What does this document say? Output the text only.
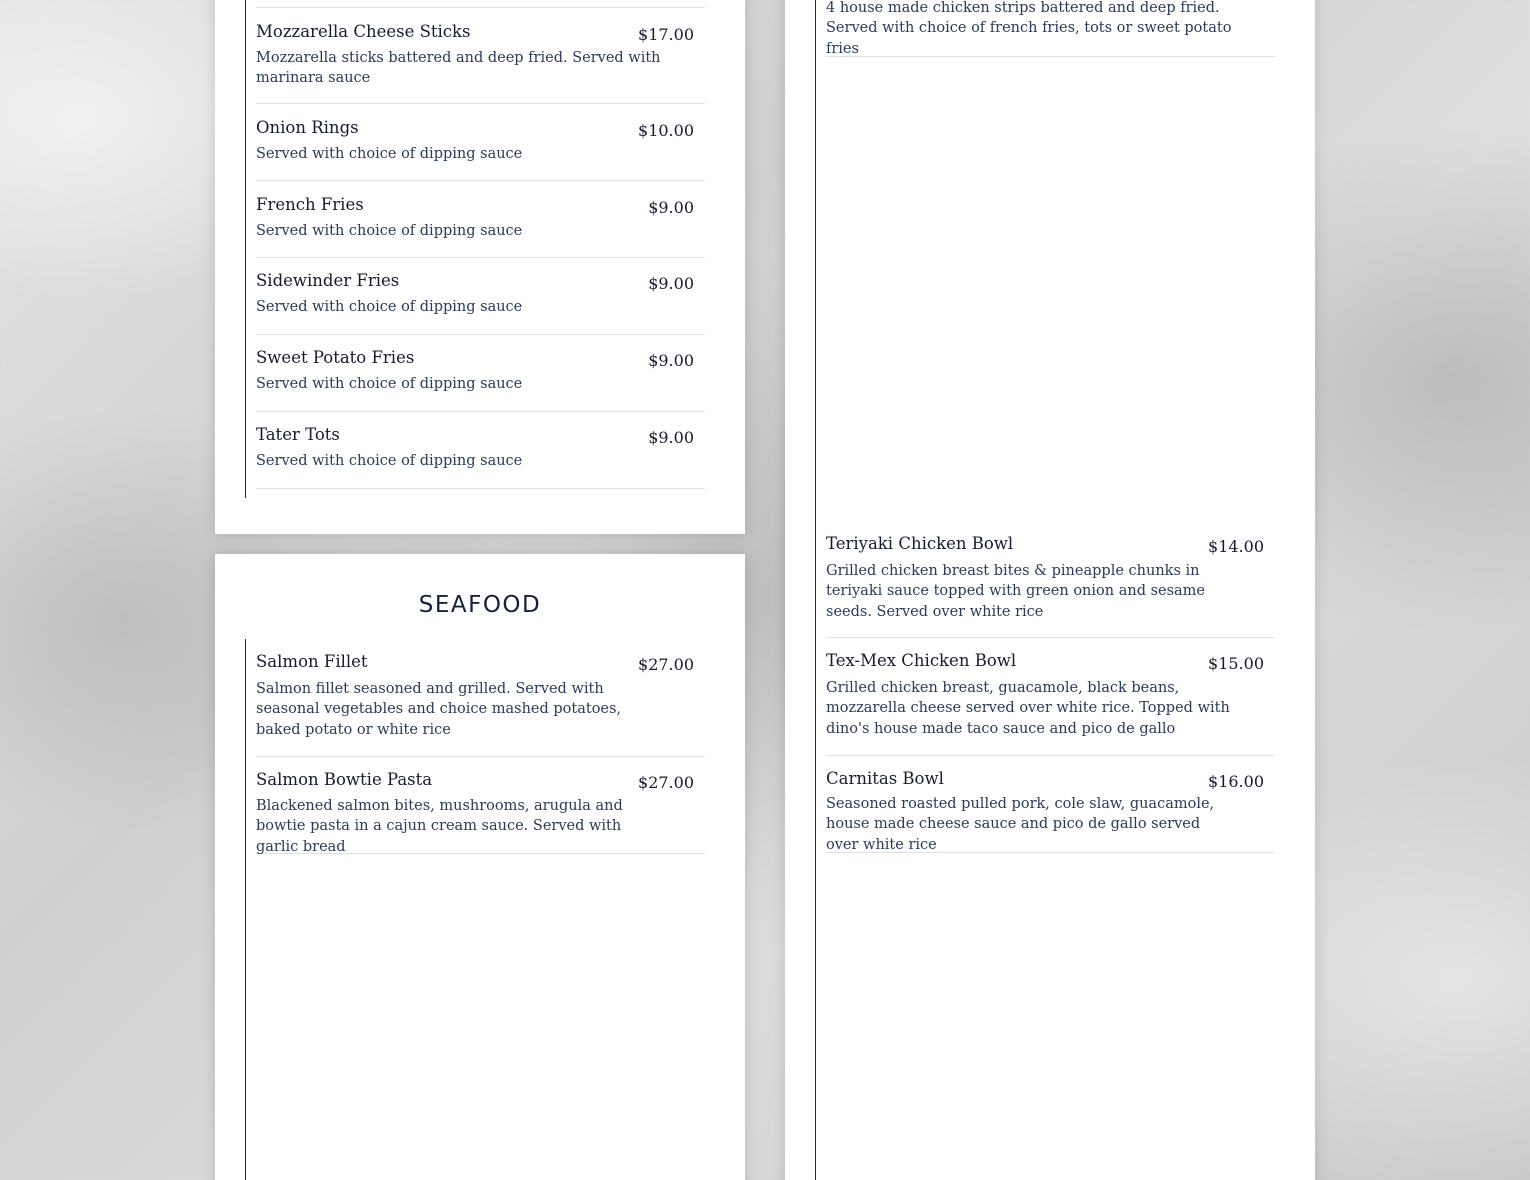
Mozzarella Cheese Sticks	$17.00
Mozzarella sticks battered and deep fried. Served with marinara sauce
Onion Rings	$10.00
Served with choice of dipping sauce
French Fries	$9.00
Served with choice of dipping sauce
Sidewinder Fries	$9.00
Served with choice of dipping sauce
Sweet Potato Fries	$9.00
Served with choice of dipping sauce
Tater Tots	$9.00
Served with choice of dipping sauce
SEAFOOD
Salmon Fillet	$27.00
Salmon fillet seasoned and grilled. Served with seasonal vegetables and choice mashed potatoes, baked potato or white rice
Salmon Bowtie Pasta	$27.00
Blackened salmon bites, mushrooms, arugula and bowtie pasta in a cajun cream sauce. Served with garlic bread
4 house made chicken strips battered and deep fried. Served with choice of french fries, tots or sweet potato fries
Teriyaki Chicken Bowl	$14.00
Grilled chicken breast bites & pineapple chunks in teriyaki sauce topped with green onion and sesame seeds. Served over white rice
Tex-Mex Chicken Bowl	$15.00
Grilled chicken breast, guacamole, black beans, mozzarella cheese served over white rice. Topped with dino's house made taco sauce and pico de gallo
Carnitas Bowl	$16.00
Seasoned roasted pulled pork, cole slaw, guacamole, house made cheese sauce and pico de gallo served over white rice
